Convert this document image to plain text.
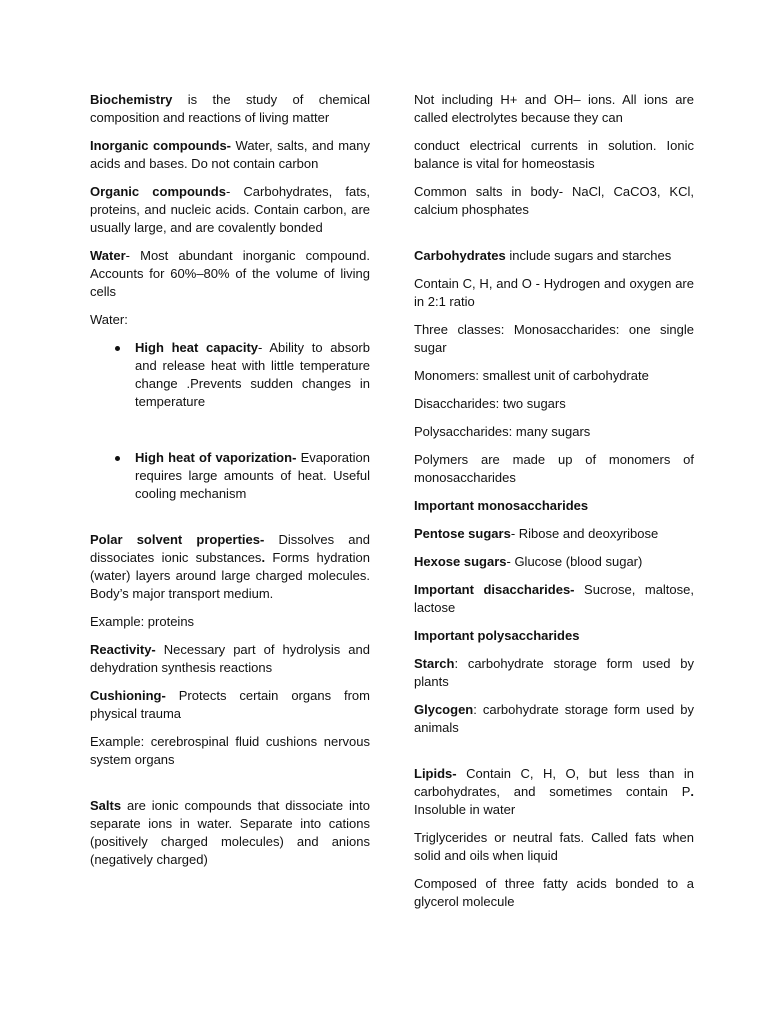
Biochemistry is the study of chemical composition and reactions of living matter

Inorganic compounds- Water, salts, and many acids and bases. Do not contain carbon

Organic compounds- Carbohydrates, fats, proteins, and nucleic acids. Contain carbon, are usually large, and are covalently bonded

Water- Most abundant inorganic compound. Accounts for 60%–80% of the volume of living cells

Water:

High heat capacity- Ability to absorb and release heat with little temperature change .Prevents sudden changes in temperature
High heat of vaporization- Evaporation requires large amounts of heat. Useful cooling mechanism

Polar solvent properties- Dissolves and dissociates ionic substances. Forms hydration (water) layers around large charged molecules. Body’s major transport medium.

Example: proteins

Reactivity- Necessary part of hydrolysis and dehydration synthesis reactions

Cushioning- Protects certain organs from physical trauma

Example: cerebrospinal fluid cushions nervous system organs

Salts are ionic compounds that dissociate into separate ions in water. Separate into cations (positively charged molecules) and anions (negatively charged)

Not including H+ and OH– ions. All ions are called electrolytes because they can

conduct electrical currents in solution. Ionic balance is vital for homeostasis

Common salts in body- NaCl, CaCO3, KCl, calcium phosphates

Carbohydrates include sugars and starches

Contain C, H, and O - Hydrogen and oxygen are in 2:1 ratio

Three classes: Monosaccharides: one single sugar

Monomers: smallest unit of carbohydrate

Disaccharides: two sugars

Polysaccharides: many sugars

Polymers are made up of monomers of monosaccharides

Important monosaccharides

Pentose sugars- Ribose and deoxyribose

Hexose sugars- Glucose (blood sugar)

Important disaccharides- Sucrose, maltose, lactose

Important polysaccharides

Starch: carbohydrate storage form used by plants

Glycogen: carbohydrate storage form used by animals

Lipids- Contain C, H, O, but less than in carbohydrates, and sometimes contain P. Insoluble in water

Triglycerides or neutral fats. Called fats when solid and oils when liquid

Composed of three fatty acids bonded to a glycerol molecule
